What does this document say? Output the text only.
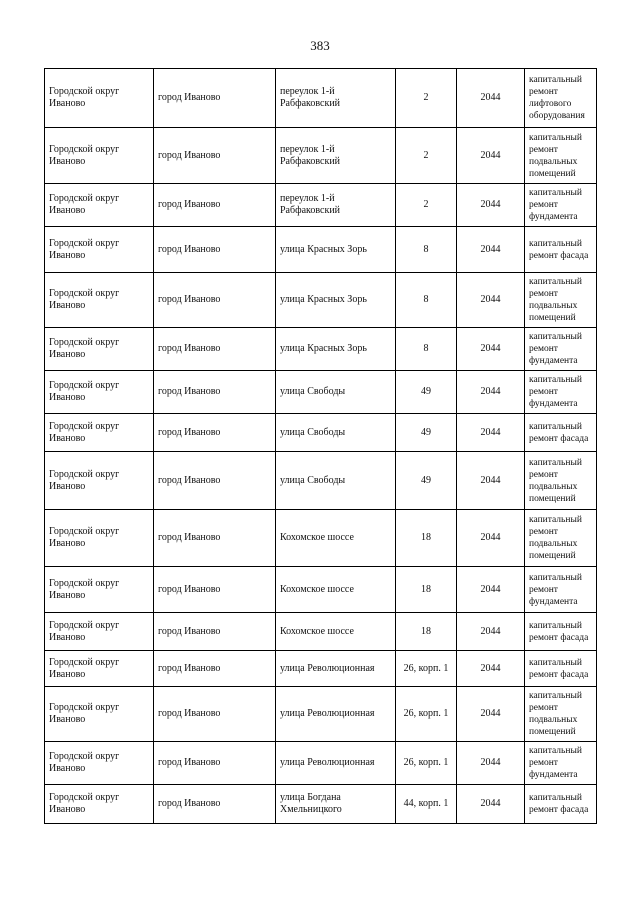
383
Городской округ Иваново	город Иваново	переулок 1-й Рабфаковский	2	2044	капитальный ремонт лифтового оборудования
Городской округ Иваново	город Иваново	переулок 1-й Рабфаковский	2	2044	капитальный ремонт подвальных помещений
Городской округ Иваново	город Иваново	переулок 1-й Рабфаковский	2	2044	капитальный ремонт фундамента
Городской округ Иваново	город Иваново	улица Красных Зорь	8	2044	капитальный ремонт фасада
Городской округ Иваново	город Иваново	улица Красных Зорь	8	2044	капитальный ремонт подвальных помещений
Городской округ Иваново	город Иваново	улица Красных Зорь	8	2044	капитальный ремонт фундамента
Городской округ Иваново	город Иваново	улица Свободы	49	2044	капитальный ремонт фундамента
Городской округ Иваново	город Иваново	улица Свободы	49	2044	капитальный ремонт фасада
Городской округ Иваново	город Иваново	улица Свободы	49	2044	капитальный ремонт подвальных помещений
Городской округ Иваново	город Иваново	Кохомское шоссе	18	2044	капитальный ремонт подвальных помещений
Городской округ Иваново	город Иваново	Кохомское шоссе	18	2044	капитальный ремонт фундамента
Городской округ Иваново	город Иваново	Кохомское шоссе	18	2044	капитальный ремонт фасада
Городской округ Иваново	город Иваново	улица Революционная	26, корп. 1	2044	капитальный ремонт фасада
Городской округ Иваново	город Иваново	улица Революционная	26, корп. 1	2044	капитальный ремонт подвальных помещений
Городской округ Иваново	город Иваново	улица Революционная	26, корп. 1	2044	капитальный ремонт фундамента
Городской округ Иваново	город Иваново	улица Богдана Хмельницкого	44, корп. 1	2044	капитальный ремонт фасада
